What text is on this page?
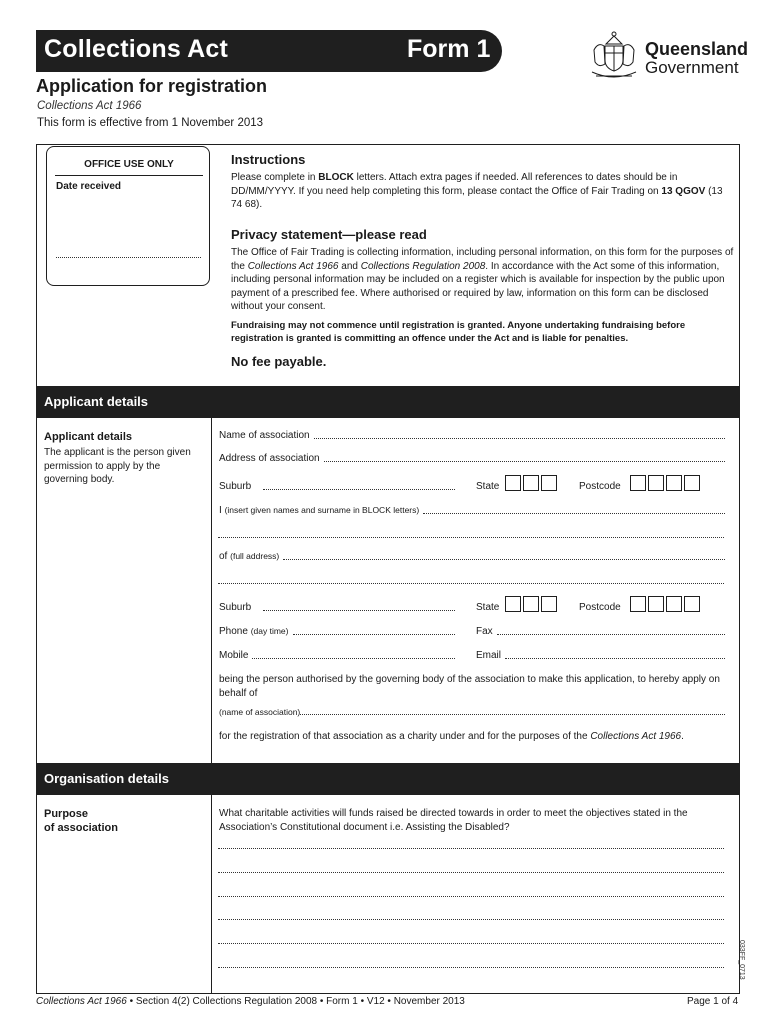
Collections Act	Form 1	Queensland
Government
Application for registration
Collections Act 1966
This form is effective from 1 November 2013
OFFICE USE ONLY
Date received
Instructions
Please complete in BLOCK letters. Attach extra pages if needed. All references to dates should be in DD/MM/YYYY. If you need help completing this form, please contact the Office of Fair Trading on 13 QGOV (13 74 68).
Privacy statement—please read
The Office of Fair Trading is collecting information, including personal information, on this form for the purposes of the Collections Act 1966 and Collections Regulation 2008. In accordance with the Act some of this information, including personal information may be included on a register which is available for inspection by the public upon payment of a prescribed fee. Where authorised or required by law, information on this form can be disclosed without your consent.
Fundraising may not commence until registration is granted. Anyone undertaking fundraising before registration is granted is committing an offence under the Act and is liable for penalties.
No fee payable.
Applicant details
Applicant details
The applicant is the person given permission to apply by the governing body.
Name of association
Address of association
Suburb	State	Postcode
I (insert given names and surname in BLOCK letters)
of (full address)
Suburb	State	Postcode
Phone (day time)	Fax
Mobile	Email
being the person authorised by the governing body of the association to make this application, to hereby apply on behalf of
(name of association)
for the registration of that association as a charity under and for the purposes of the Collections Act 1966.
Organisation details
Purpose
of association
What charitable activities will funds raised be directed towards in order to meet the objectives stated in the Association’s Constitutional document i.e. Assisting the Disabled?
033FF_0713
Collections Act 1966 • Section 4(2) Collections Regulation 2008 • Form 1 • V12 • November 2013	Page 1 of 4
